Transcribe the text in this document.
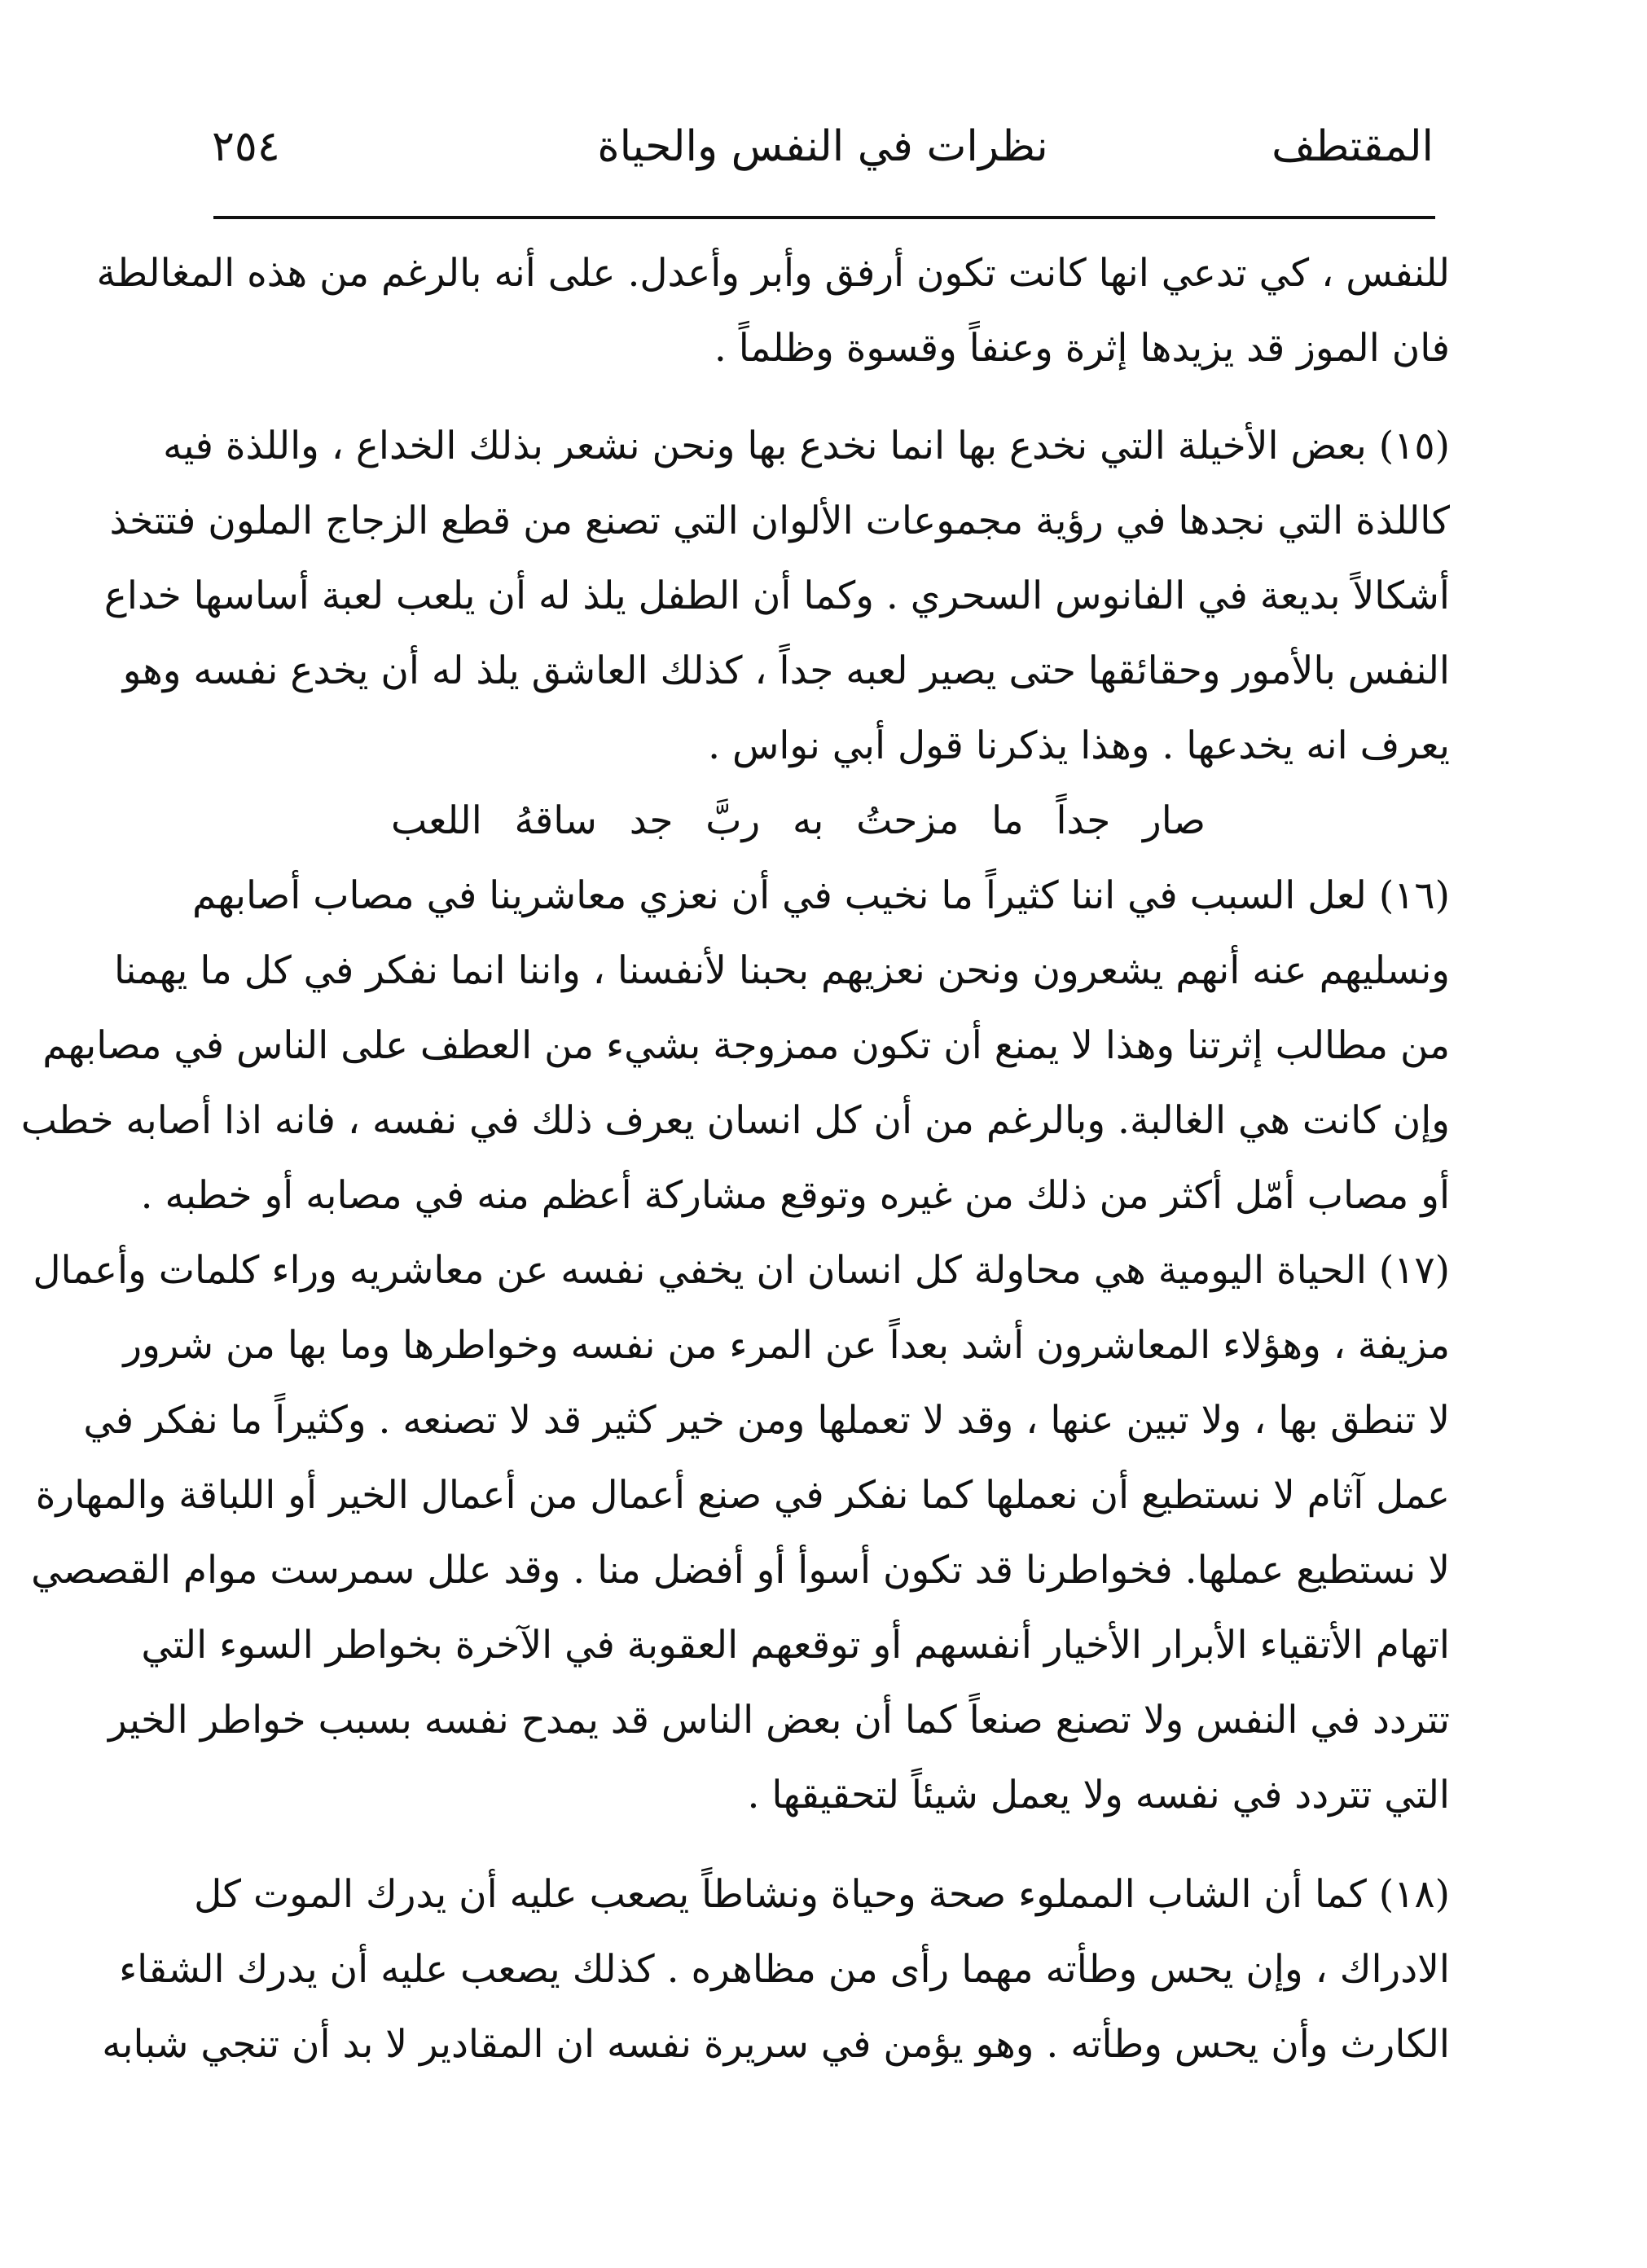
٢٥٤	نظرات في النفس والحياة	المقتطف
للنفس ، كي تدعي انها كانت تكون أرفق وأبر وأعدل. على أنه بالرغم من هذه المغالطة
فان الموز قد يزيدها إثرة وعنفاً وقسوة وظلماً .
(١٥) بعض الأخيلة التي نخدع بها انما نخدع بها ونحن نشعر بذلك الخداع ، واللذة فيه
كاللذة التي نجدها في رؤية مجموعات الألوان التي تصنع من قطع الزجاج الملون فتتخذ
أشكالاً بديعة في الفانوس السحري . وكما أن الطفل يلذ له أن يلعب لعبة أساسها خداع
النفس بالأمور وحقائقها حتى يصير لعبه جداً ، كذلك العاشق يلذ له أن يخدع نفسه وهو
يعرف انه يخدعها . وهذا يذكرنا قول أبي نواس .
صار جداً ما مزحتُ به ربَّ جد ساقهُ اللعب
(١٦) لعل السبب في اننا كثيراً ما نخيب في أن نعزي معاشرينا في مصاب أصابهم
ونسليهم عنه أنهم يشعرون ونحن نعزيهم بحبنا لأنفسنا ، واننا انما نفكر في كل ما يهمنا
من مطالب إثرتنا وهذا لا يمنع أن تكون ممزوجة بشيء من العطف على الناس في مصابهم
وإن كانت هي الغالبة. وبالرغم من أن كل انسان يعرف ذلك في نفسه ، فانه اذا أصابه خطب
أو مصاب أمّل أكثر من ذلك من غيره وتوقع مشاركة أعظم منه في مصابه أو خطبه .
(١٧) الحياة اليومية هي محاولة كل انسان ان يخفي نفسه عن معاشريه وراء كلمات وأعمال
مزيفة ، وهؤلاء المعاشرون أشد بعداً عن المرء من نفسه وخواطرها وما بها من شرور
لا تنطق بها ، ولا تبين عنها ، وقد لا تعملها ومن خير كثير قد لا تصنعه . وكثيراً ما نفكر في
عمل آثام لا نستطيع أن نعملها كما نفكر في صنع أعمال من أعمال الخير أو اللباقة والمهارة
لا نستطيع عملها. فخواطرنا قد تكون أسوأ أو أفضل منا . وقد علل سمرست موام القصصي
اتهام الأتقياء الأبرار الأخيار أنفسهم أو توقعهم العقوبة في الآخرة بخواطر السوء التي
تتردد في النفس ولا تصنع صنعاً كما أن بعض الناس قد يمدح نفسه بسبب خواطر الخير
التي تتردد في نفسه ولا يعمل شيئاً لتحقيقها .
(١٨) كما أن الشاب المملوء صحة وحياة ونشاطاً يصعب عليه أن يدرك الموت كل
الادراك ، وإن يحس وطأته مهما رأى من مظاهره . كذلك يصعب عليه أن يدرك الشقاء
الكارث وأن يحس وطأته . وهو يؤمن في سريرة نفسه ان المقادير لا بد أن تنجي شبابه
